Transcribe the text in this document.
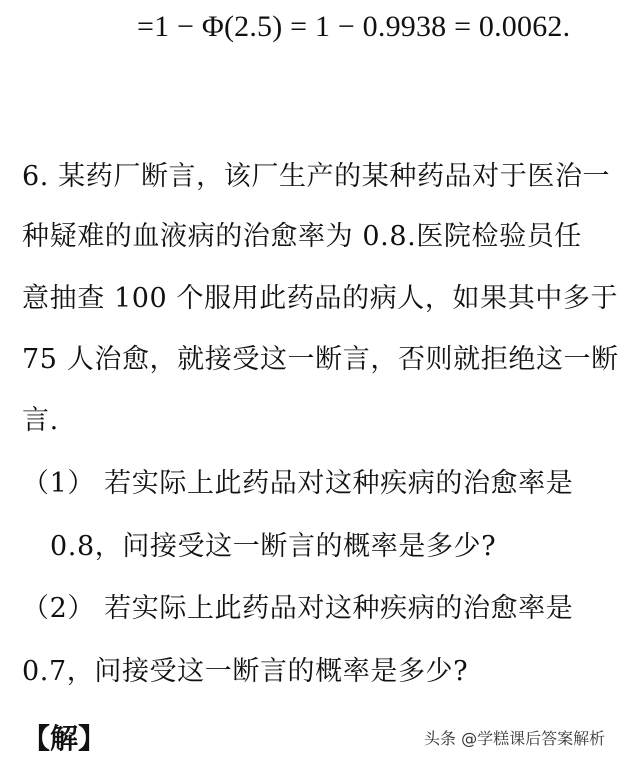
=1 − Φ(2.5) = 1 − 0.9938 = 0.0062.
6. 某药厂断言，该厂生产的某种药品对于医治一
种疑难的血液病的治愈率为 0.8.医院检验员任
意抽查 100 个服用此药品的病人，如果其中多于
75 人治愈，就接受这一断言，否则就拒绝这一断
言.
（1） 若实际上此药品对这种疾病的治愈率是
0.8，问接受这一断言的概率是多少?
（2） 若实际上此药品对这种疾病的治愈率是
0.7，问接受这一断言的概率是多少?
【解】	头条 @学糕课后答案解析
